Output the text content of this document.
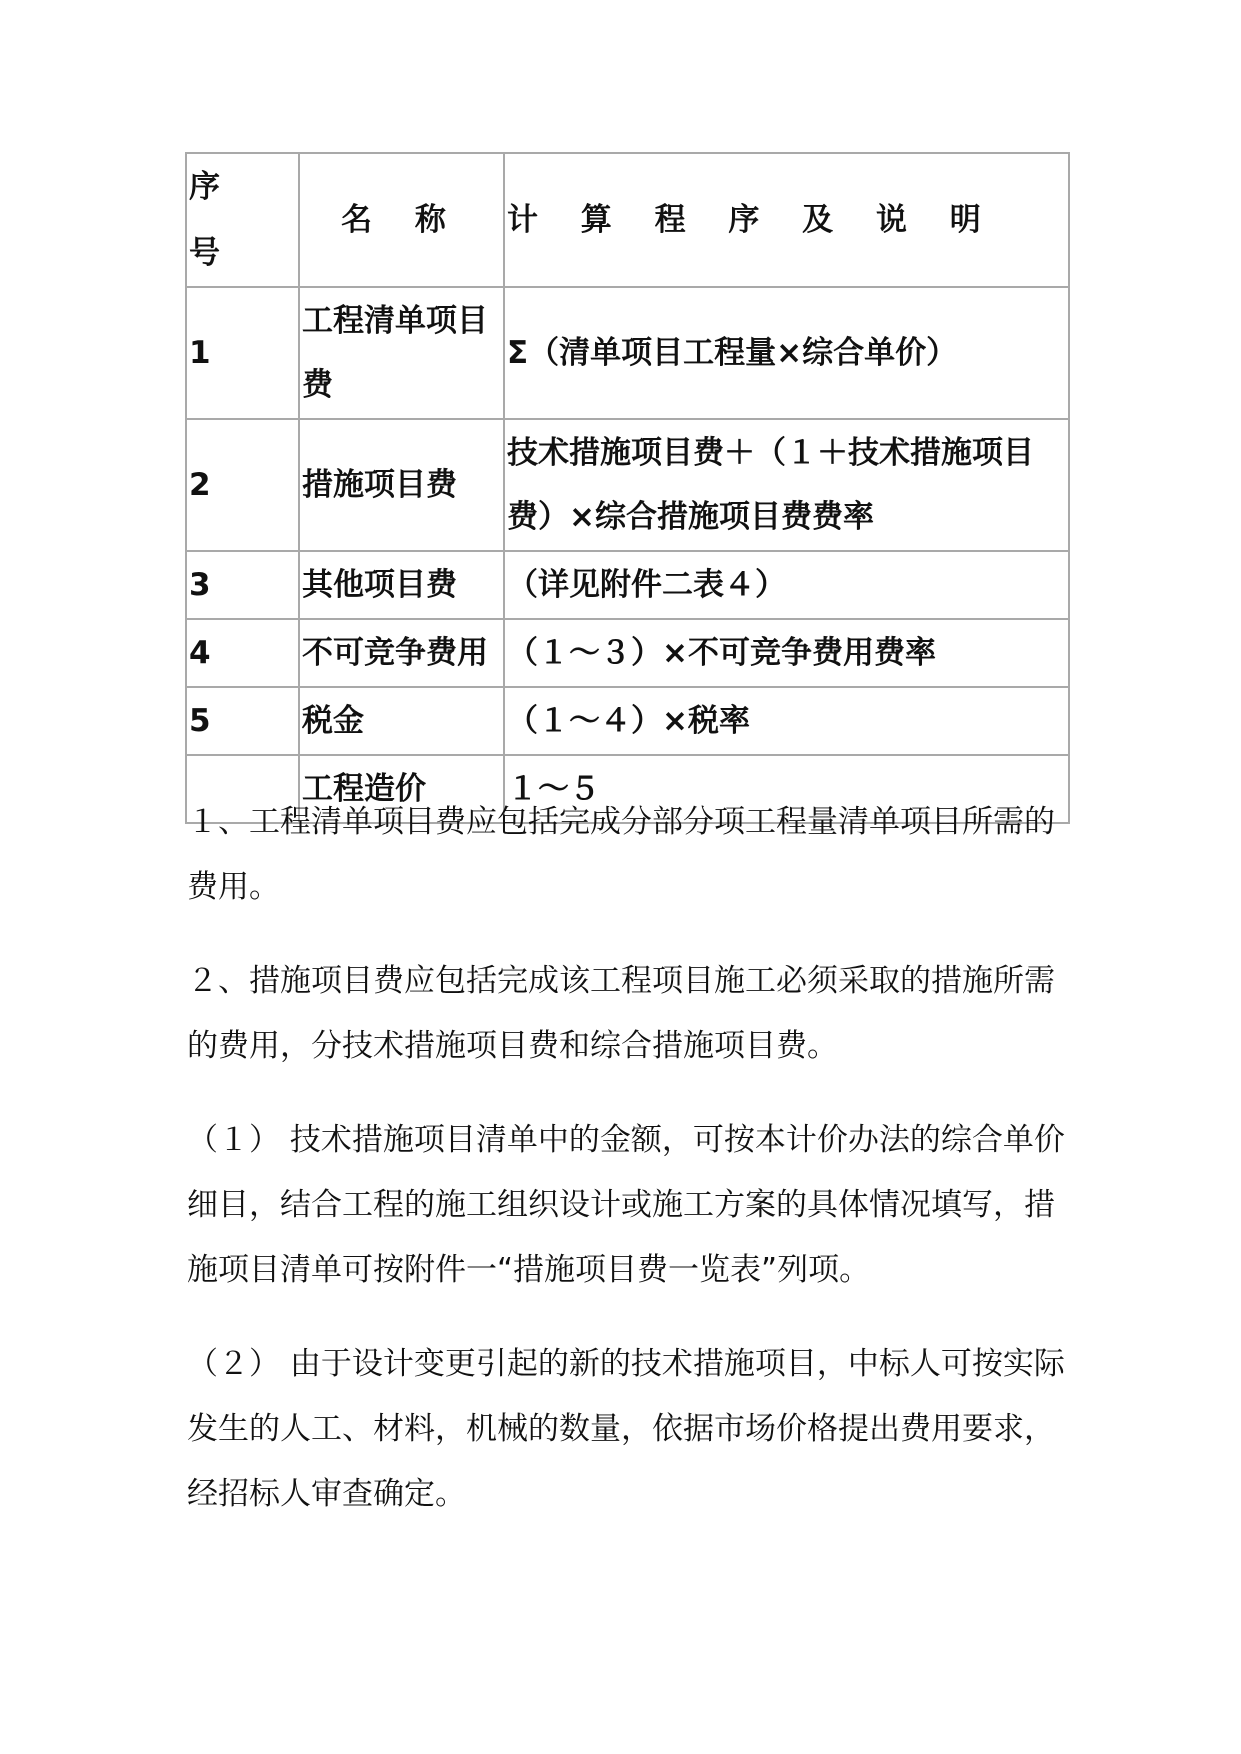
序 号	名 称	计 算 程 序 及 说 明
1	工程清单项目费	Σ（清单项目工程量×综合单价）
2	措施项目费	技术措施项目费＋（１＋技术措施项目费）×综合措施项目费费率
3	其他项目费	（详见附件二表４）
4	不可竞争费用	（１～３）×不可竞争费用费率
5	税金	（１～４）×税率
	工程造价	１～５

１、工程清单项目费应包括完成分部分项工程量清单项目所需的费用。

２、措施项目费应包括完成该工程项目施工必须采取的措施所需的费用，分技术措施项目费和综合措施项目费。

（１） 技术措施项目清单中的金额，可按本计价办法的综合单价细目，结合工程的施工组织设计或施工方案的具体情况填写，措施项目清单可按附件一“措施项目费一览表”列项。

（２） 由于设计变更引起的新的技术措施项目，中标人可按实际发生的人工、材料，机械的数量，依据市场价格提出费用要求，经招标人审查确定。
